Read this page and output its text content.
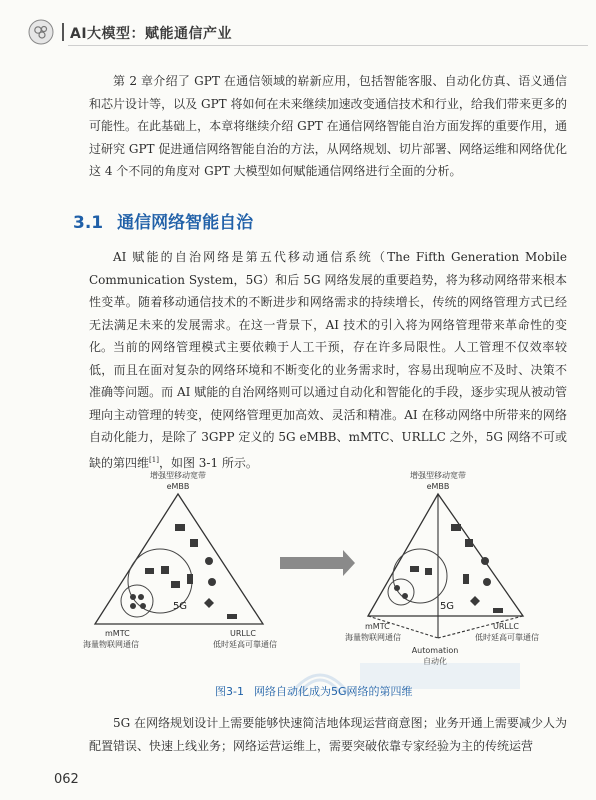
AI大模型：赋能通信产业

第 2 章介绍了 GPT 在通信领域的崭新应用，包括智能客服、自动化仿真、语义通信和芯片设计等，以及 GPT 将如何在未来继续加速改变通信技术和行业，给我们带来更多的可能性。在此基础上，本章将继续介绍 GPT 在通信网络智能自治方面发挥的重要作用，通过研究 GPT 促进通信网络智能自治的方法，从网络规划、切片部署、网络运维和网络优化这 4 个不同的角度对 GPT 大模型如何赋能通信网络进行全面的分析。

3.1 通信网络智能自治

AI 赋能的自治网络是第五代移动通信系统（The Fifth Generation Mobile Communication System，5G）和后 5G 网络发展的重要趋势，将为移动网络带来根本性变革。随着移动通信技术的不断进步和网络需求的持续增长，传统的网络管理方式已经无法满足未来的发展需求。在这一背景下，AI 技术的引入将为网络管理带来革命性的变化。 当前的网络管理模式主要依赖于人工干预，存在许多局限性。人工管理不仅效率较低，而且在面对复杂的网络环境和不断变化的业务需求时，容易出现响应不及时、决策不准确等问题。而 AI 赋能的自治网络则可以通过自动化和智能化的手段，逐步实现从被动管理向主动管理的转变，使网络管理更加高效、灵活和精准。AI 在移动网络中所带来的网络自动化能力，是除了 3GPP 定义的 5G eMBB、mMTC、URLLC 之外，5G 网络不可或缺的第四维[1]，如图 3-1 所示。

增强型移动宽带
eMBB
5G
mMTC
海量物联网通信
URLLC
低时延高可靠通信
增强型移动宽带
eMBB
5G
mMTC
海量物联网通信
URLLC
低时延高可靠通信
Automation
自动化
图3-1 网络自动化成为5G网络的第四维

5G 在网络规划设计上需要能够快速简洁地体现运营商意图；业务开通上需要减少人为配置错误、快速上线业务；网络运营运维上，需要突破依靠专家经验为主的传统运营

062
